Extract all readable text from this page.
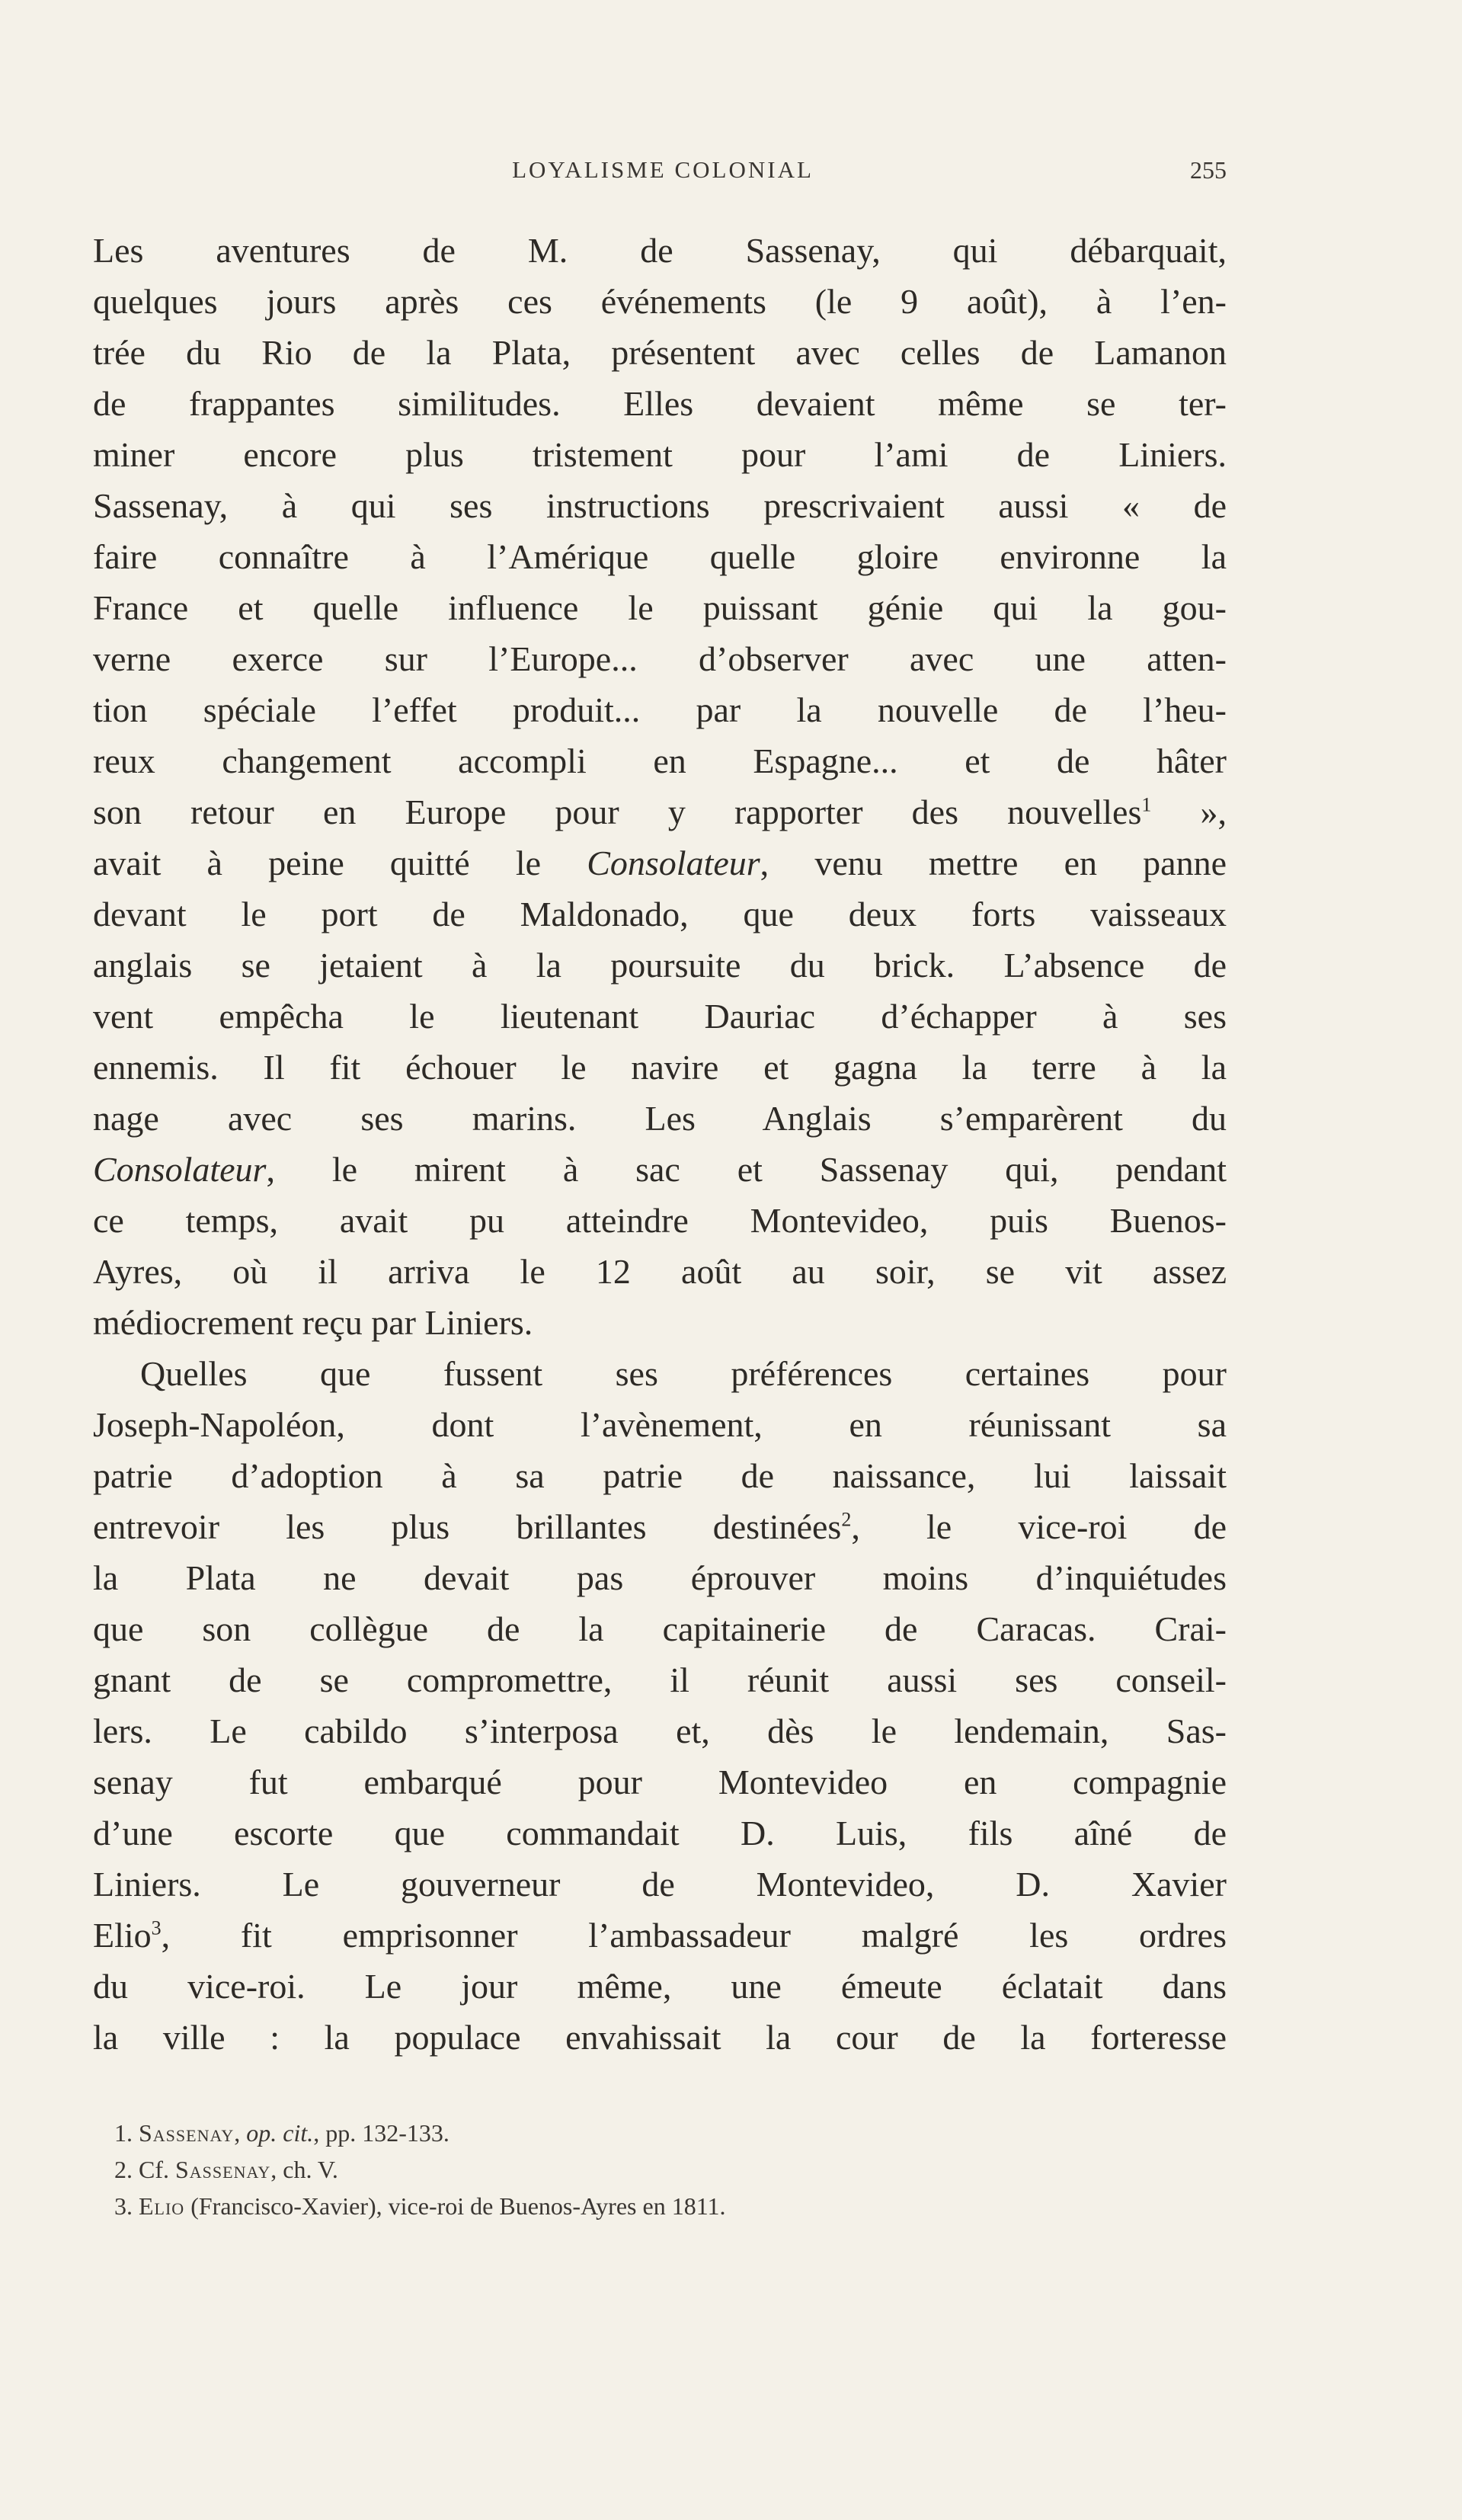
LOYALISME COLONIAL	255
Les aventures de M. de Sassenay, qui débarquait,
quelques jours après ces événements (le 9 août), à l’en-
trée du Rio de la Plata, présentent avec celles de Lamanon
de frappantes similitudes. Elles devaient même se ter-
miner encore plus tristement pour l’ami de Liniers.
Sassenay, à qui ses instructions prescrivaient aussi « de
faire connaître à l’Amérique quelle gloire environne la
France et quelle influence le puissant génie qui la gou-
verne exerce sur l’Europe... d’observer avec une atten-
tion spéciale l’effet produit... par la nouvelle de l’heu-
reux changement accompli en Espagne... et de hâter
son retour en Europe pour y rapporter des nouvelles$^1$ »,
avait à peine quitté le Consolateur, venu mettre en panne
devant le port de Maldonado, que deux forts vaisseaux
anglais se jetaient à la poursuite du brick. L’absence de
vent empêcha le lieutenant Dauriac d’échapper à ses
ennemis. Il fit échouer le navire et gagna la terre à la
nage avec ses marins. Les Anglais s’emparèrent du
Consolateur, le mirent à sac et Sassenay qui, pendant
ce temps, avait pu atteindre Montevideo, puis Buenos-
Ayres, où il arriva le 12 août au soir, se vit assez
médiocrement reçu par Liniers.
Quelles que fussent ses préférences certaines pour
Joseph-Napoléon, dont l’avènement, en réunissant sa
patrie d’adoption à sa patrie de naissance, lui laissait
entrevoir les plus brillantes destinées$^2$, le vice-roi de
la Plata ne devait pas éprouver moins d’inquiétudes
que son collègue de la capitainerie de Caracas. Crai-
gnant de se compromettre, il réunit aussi ses conseil-
lers. Le cabildo s’interposa et, dès le lendemain, Sas-
senay fut embarqué pour Montevideo en compagnie
d’une escorte que commandait D. Luis, fils aîné de
Liniers. Le gouverneur de Montevideo, D. Xavier
Elio$^3$, fit emprisonner l’ambassadeur malgré les ordres
du vice-roi. Le jour même, une émeute éclatait dans
la ville : la populace envahissait la cour de la forteresse
1. Sassenay, op. cit., pp. 132-133.
2. Cf. Sassenay, ch. V.
3. Elio (Francisco-Xavier), vice-roi de Buenos-Ayres en 1811.
